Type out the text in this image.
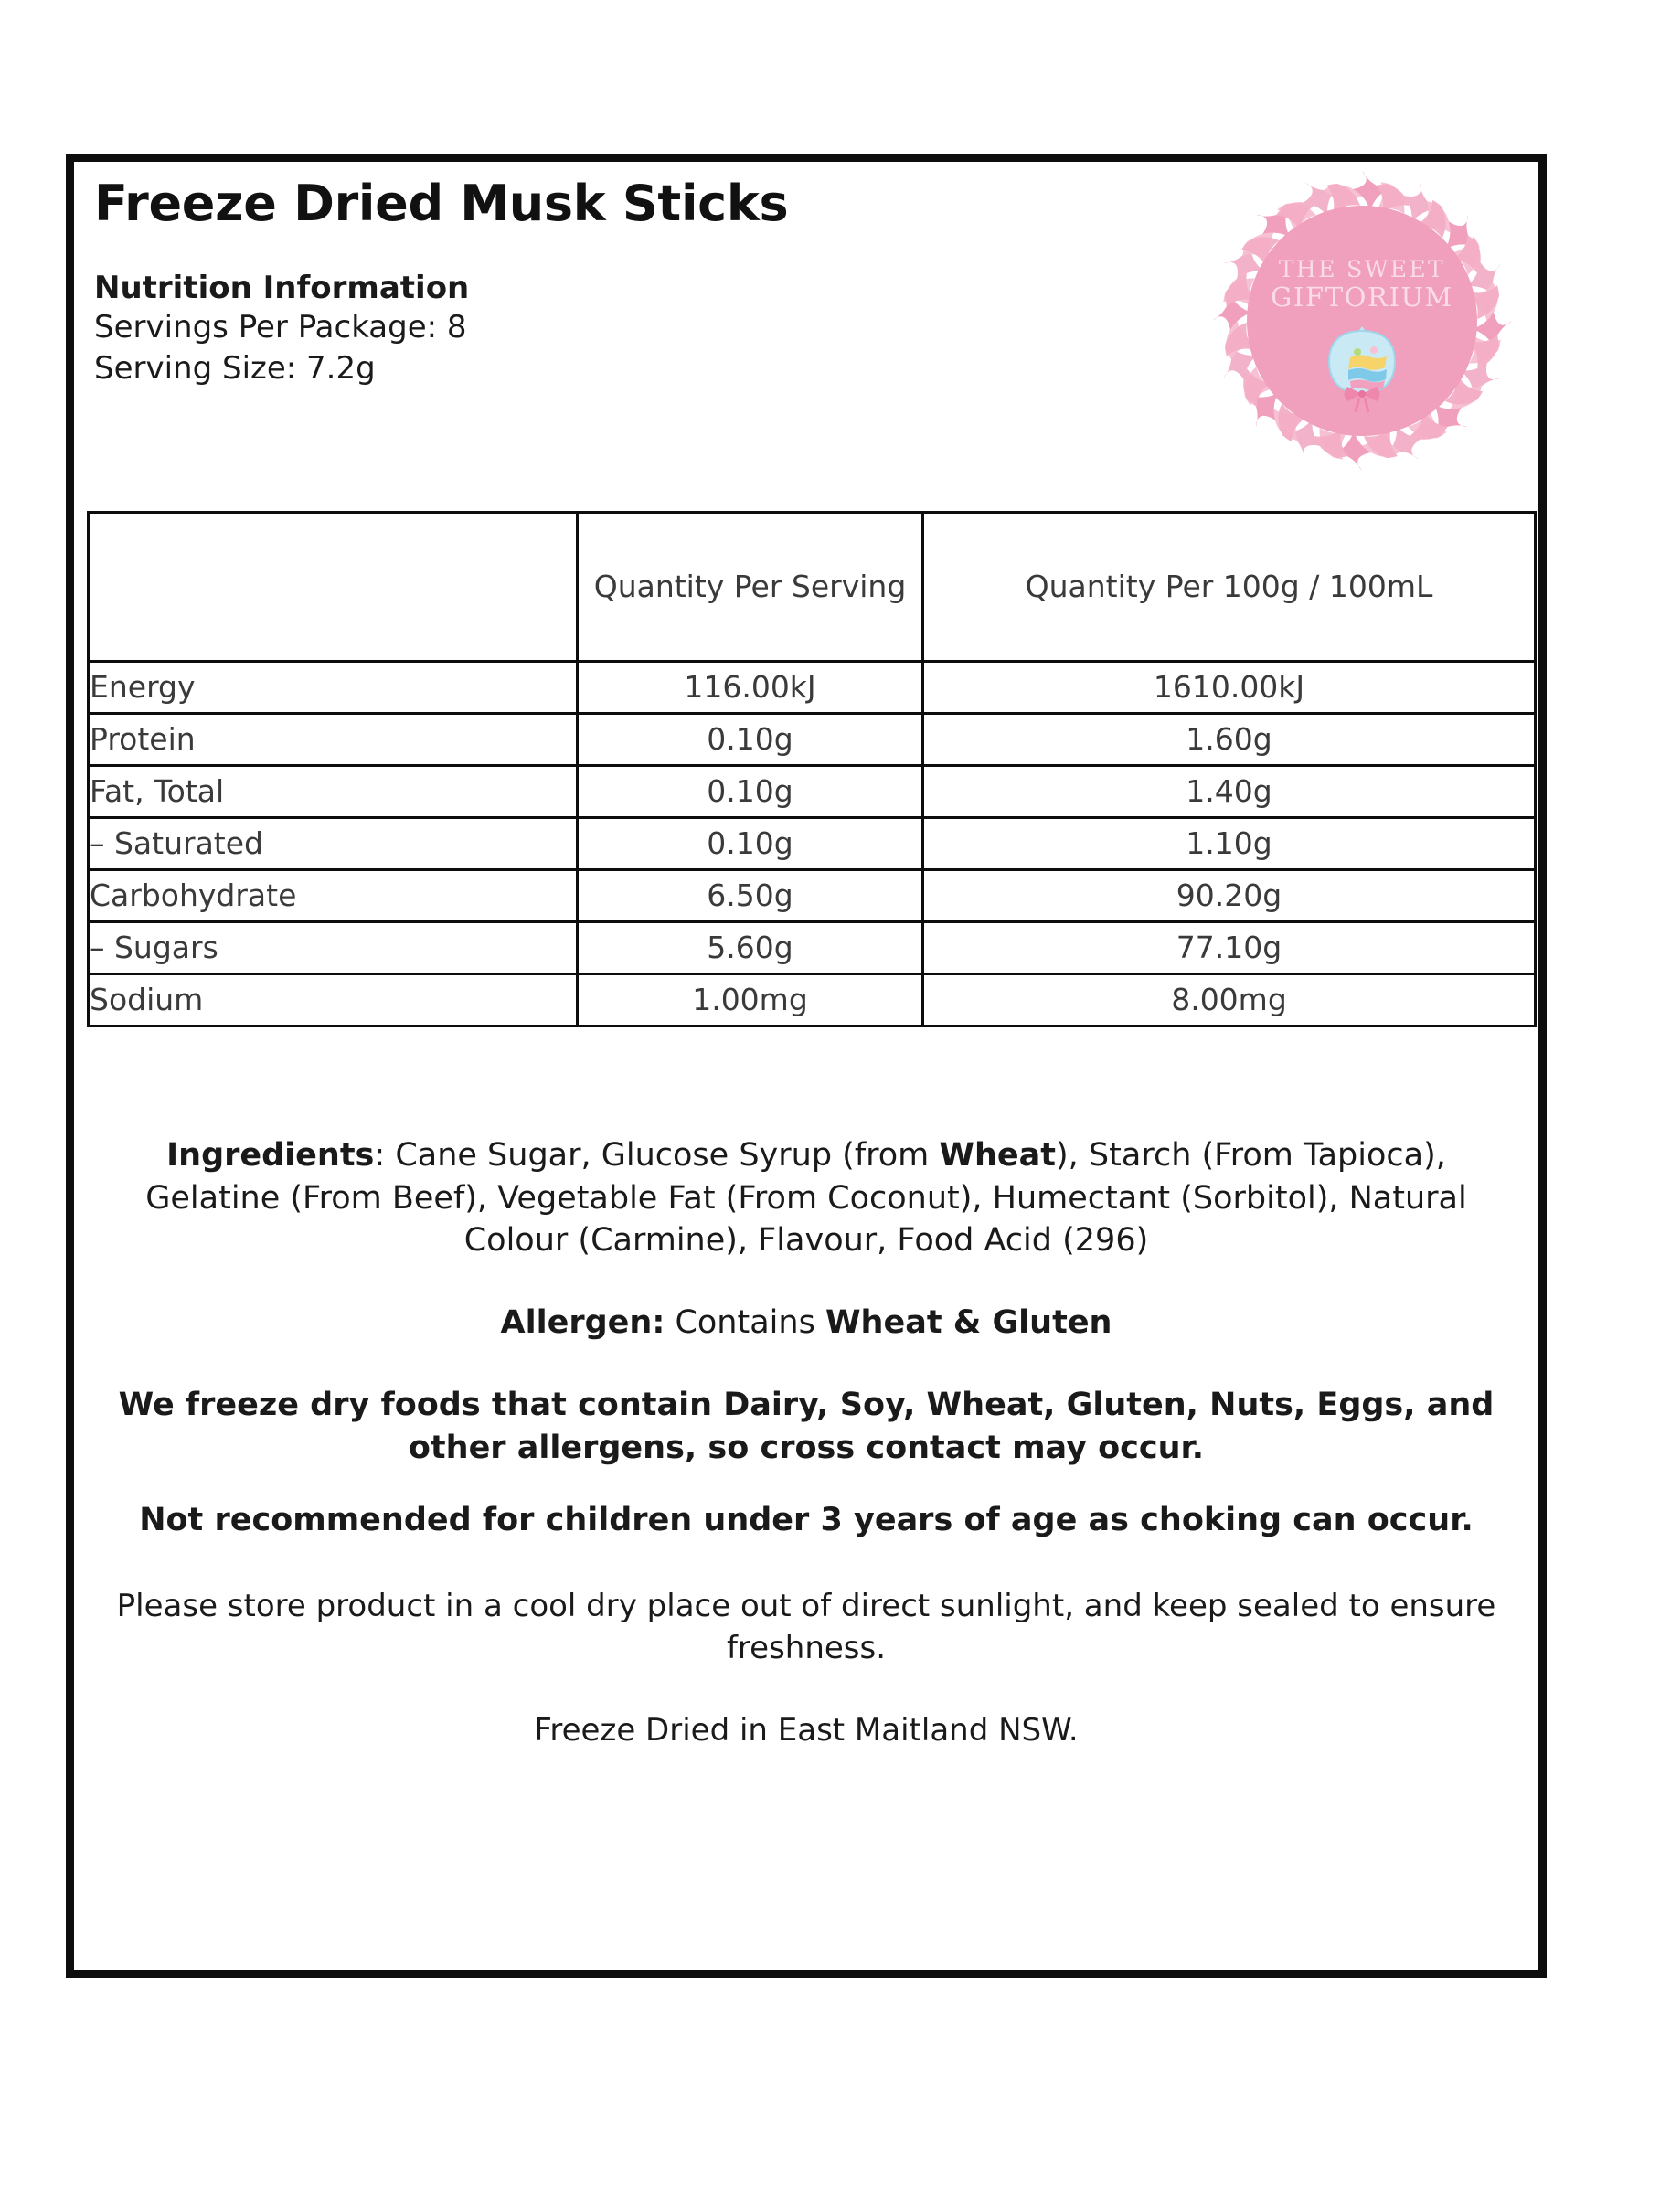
Freeze Dried Musk Sticks
Nutrition Information
Servings Per Package: 8
Serving Size: 7.2g
THE SWEET
GIFTORIUM
	Quantity Per Serving	Quantity Per 100g / 100mL
Energy	116.00kJ	1610.00kJ
Protein	0.10g	1.60g
Fat, Total	0.10g	1.40g
– Saturated	0.10g	1.10g
Carbohydrate	6.50g	90.20g
– Sugars	5.60g	77.10g
Sodium	1.00mg	8.00mg

Ingredients: Cane Sugar, Glucose Syrup (from Wheat), Starch (From Tapioca), Gelatine (From Beef), Vegetable Fat (From Coconut), Humectant (Sorbitol), Natural Colour (Carmine), Flavour, Food Acid (296)

Allergen: Contains Wheat & Gluten

We freeze dry foods that contain Dairy, Soy, Wheat, Gluten, Nuts, Eggs, and other allergens, so cross contact may occur.

Not recommended for children under 3 years of age as choking can occur.

Please store product in a cool dry place out of direct sunlight, and keep sealed to ensure freshness.

Freeze Dried in East Maitland NSW.
